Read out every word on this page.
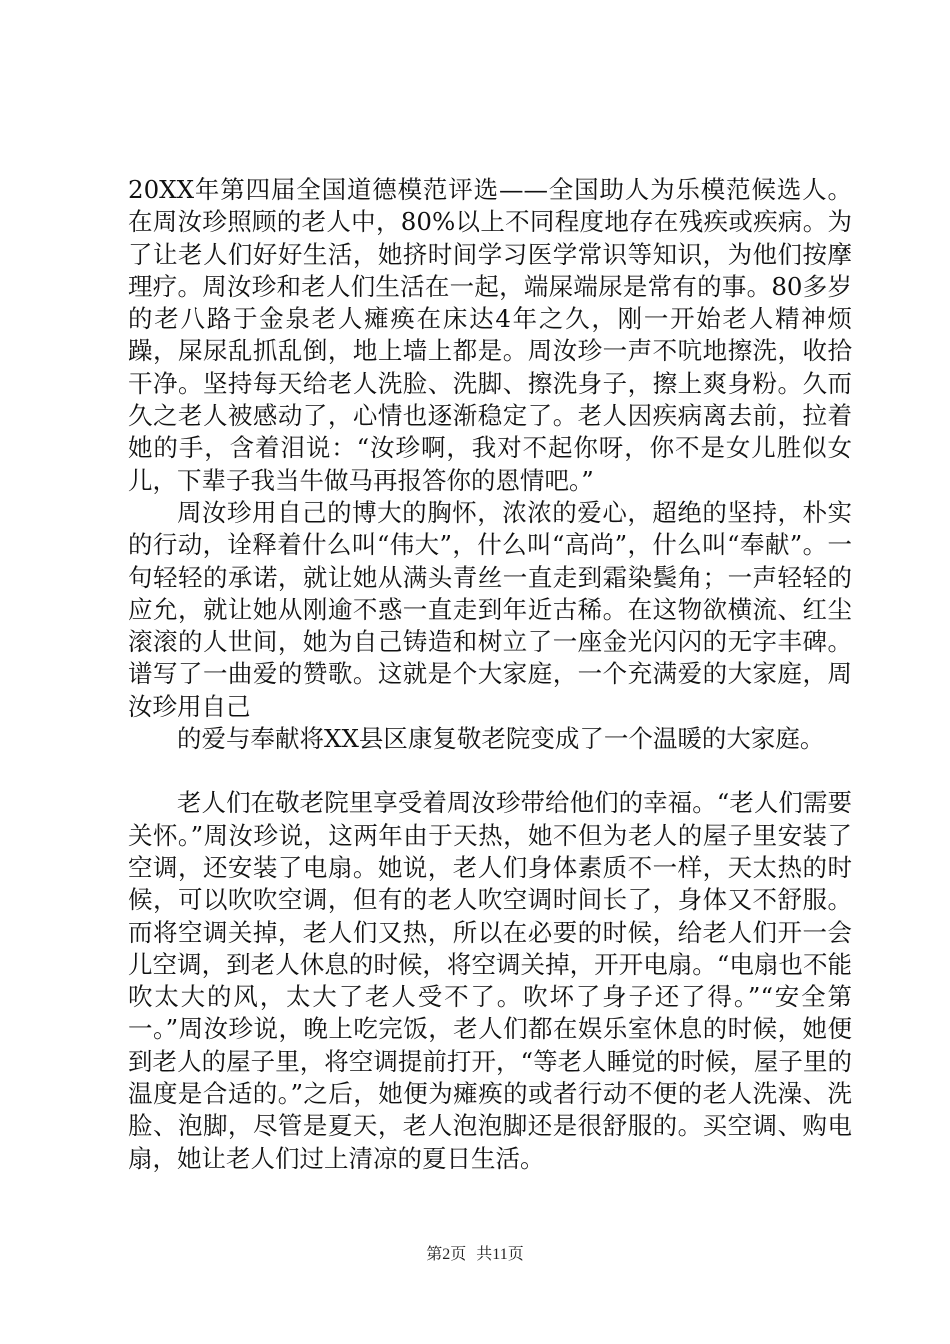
20XX年第四届全国道德模范评选——全国助人为乐模范候选人。在周汝珍照顾的老人中，80%以上不同程度地存在残疾或疾病。为了让老人们好好生活，她挤时间学习医学常识等知识，为他们按摩理疗。周汝珍和老人们生活在一起，端屎端尿是常有的事。80多岁的老八路于金泉老人瘫痪在床达4年之久，刚一开始老人精神烦躁，屎尿乱抓乱倒，地上墙上都是。周汝珍一声不吭地擦洗，收拾干净。坚持每天给老人洗脸、洗脚、擦洗身子，擦上爽身粉。久而久之老人被感动了，心情也逐渐稳定了。老人因疾病离去前，拉着她的手，含着泪说：“汝珍啊，我对不起你呀，你不是女儿胜似女儿，下辈子我当牛做马再报答你的恩情吧。”

周汝珍用自己的博大的胸怀，浓浓的爱心，超绝的坚持，朴实的行动，诠释着什么叫“伟大”，什么叫“高尚”，什么叫“奉献”。一句轻轻的承诺，就让她从满头青丝一直走到霜染鬓角；一声轻轻的应允，就让她从刚逾不惑一直走到年近古稀。在这物欲横流、红尘滚滚的人世间，她为自己铸造和树立了一座金光闪闪的无字丰碑。谱写了一曲爱的赞歌。这就是个大家庭，一个充满爱的大家庭，周汝珍用自己

的爱与奉献将XX县区康复敬老院变成了一个温暖的大家庭。

老人们在敬老院里享受着周汝珍带给他们的幸福。“老人们需要关怀。”周汝珍说，这两年由于天热，她不但为老人的屋子里安装了空调，还安装了电扇。她说，老人们身体素质不一样，天太热的时候，可以吹吹空调，但有的老人吹空调时间长了，身体又不舒服。而将空调关掉，老人们又热，所以在必要的时候，给老人们开一会儿空调，到老人休息的时候，将空调关掉，开开电扇。“电扇也不能吹太大的风，太大了老人受不了。吹坏了身子还了得。”“安全第一。”周汝珍说，晚上吃完饭，老人们都在娱乐室休息的时候，她便到老人的屋子里，将空调提前打开，“等老人睡觉的时候，屋子里的温度是合适的。”之后，她便为瘫痪的或者行动不便的老人洗澡、洗脸、泡脚，尽管是夏天，老人泡泡脚还是很舒服的。买空调、购电扇，她让老人们过上清凉的夏日生活。

第2页 共11页
